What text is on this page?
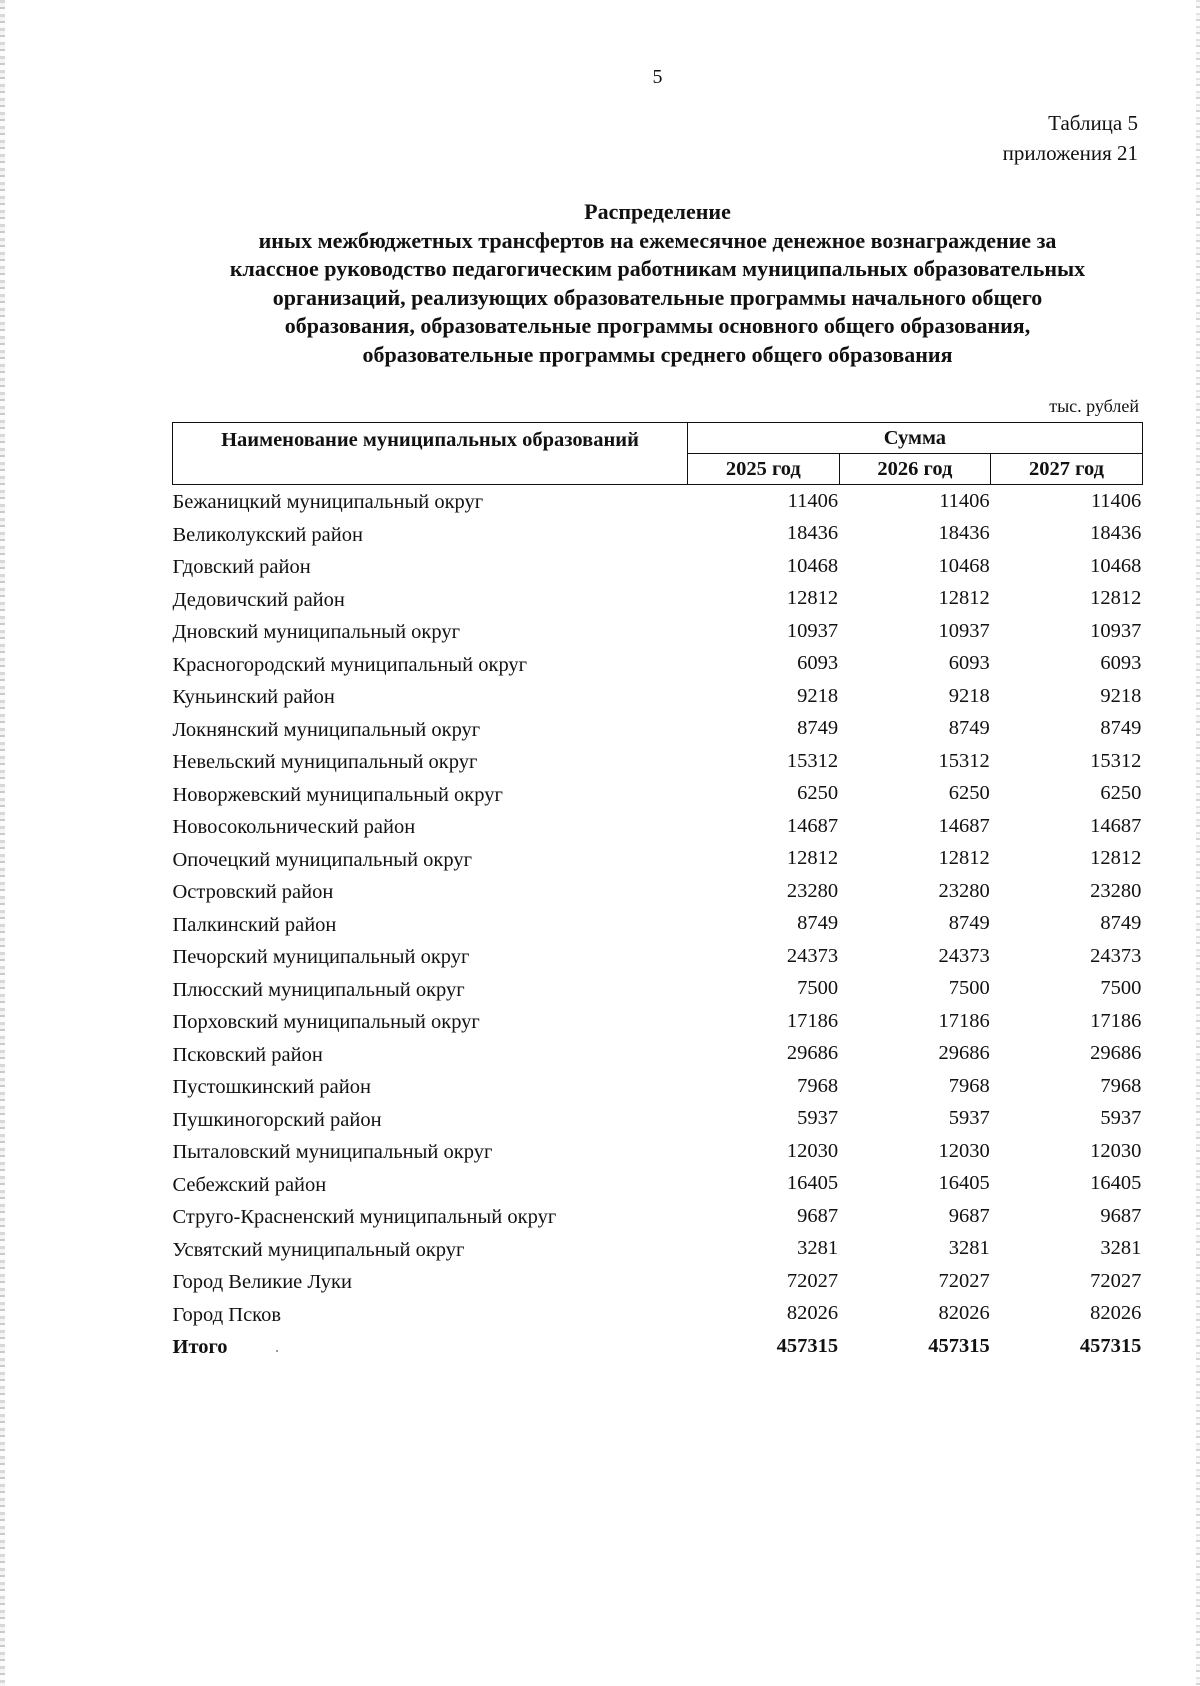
5
Таблица 5
приложения 21
Распределение
иных межбюджетных трансфертов на ежемесячное денежное вознаграждение за
классное руководство педагогическим работникам муниципальных образовательных
организаций, реализующих образовательные программы начального общего
образования, образовательные программы основного общего образования,
образовательные программы среднего общего образования
тыс. рублей
Наименование муниципальных образований	Сумма		
	2025 год	2026 год	2027 год
Бежаницкий муниципальный округ	11406	11406	11406
Великолукский район	18436	18436	18436
Гдовский район	10468	10468	10468
Дедовичский район	12812	12812	12812
Дновский муниципальный округ	10937	10937	10937
Красногородский муниципальный округ	6093	6093	6093
Куньинский район	9218	9218	9218
Локнянский муниципальный округ	8749	8749	8749
Невельский муниципальный округ	15312	15312	15312
Новоржевский муниципальный округ	6250	6250	6250
Новосокольнический район	14687	14687	14687
Опочецкий муниципальный округ	12812	12812	12812
Островский район	23280	23280	23280
Палкинский район	8749	8749	8749
Печорский муниципальный округ	24373	24373	24373
Плюсский муниципальный округ	7500	7500	7500
Порховский муниципальный округ	17186	17186	17186
Псковский район	29686	29686	29686
Пустошкинский район	7968	7968	7968
Пушкиногорский район	5937	5937	5937
Пыталовский муниципальный округ	12030	12030	12030
Себежский район	16405	16405	16405
Струго-Красненский муниципальный округ	9687	9687	9687
Усвятский муниципальный округ	3281	3281	3281
Город Великие Луки	72027	72027	72027
Город Псков	82026	82026	82026
Итого	457315	457315	457315
